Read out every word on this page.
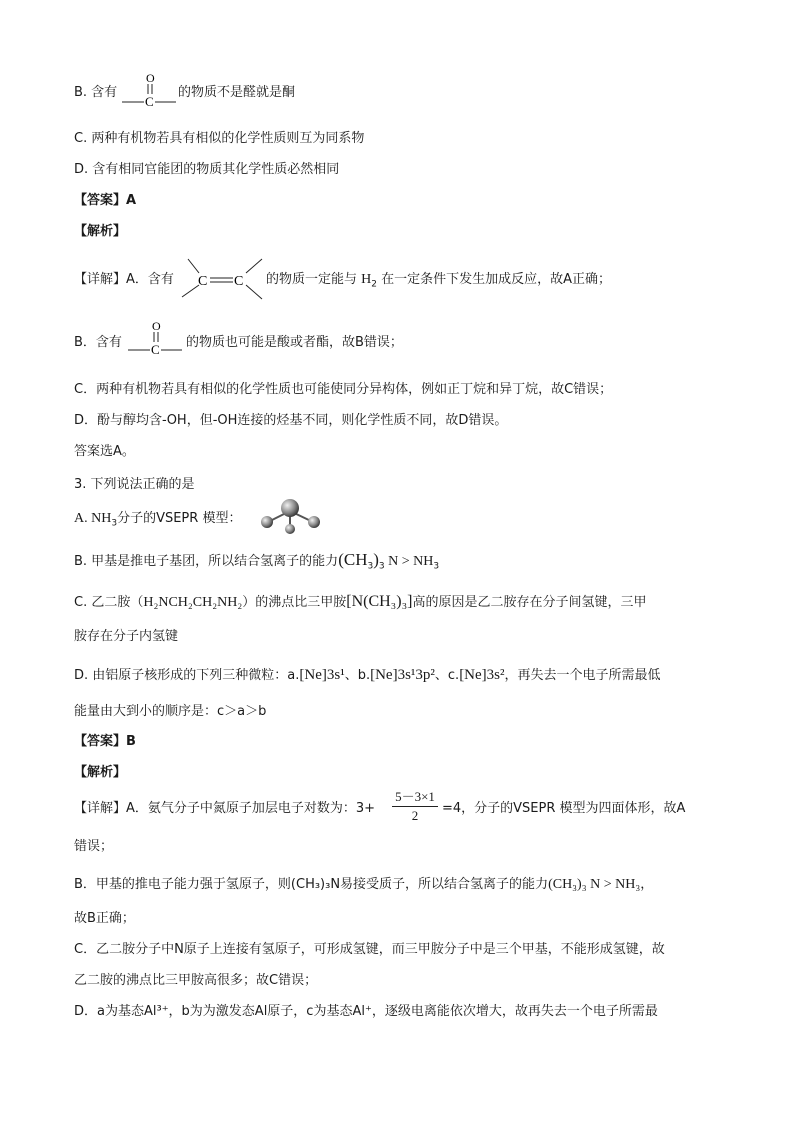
B. 含有
O
C
的物质不是醛就是酮
C. 两种有机物若具有相似的化学性质则互为同系物
D. 含有相同官能团的物质其化学性质必然相同
【答案】A
【解析】
【详解】A．含有 C C 的物质一定能与 $H_2$ 在一定条件下发生加成反应，故A正确；
B．含有
O
C 的物质也可能是酸或者酯，故B错误；
C．两种有机物若具有相似的化学性质也可能使同分异构体，例如正丁烷和异丁烷，故C错误；
D．酚与醇均含-OH，但-OH连接的烃基不同，则化学性质不同，故D错误。
答案选A。
3. 下列说法正确的是
A. $NH_3$分子的VSEPR 模型：
B. 甲基是推电子基团，所以结合氢离子的能力$(CH_3)_3$ $N > NH_3$
C. 乙二胺（H₂NCH₂CH₂NH₂）的沸点比三甲胺[N(CH₃)₃]高的原因是乙二胺存在分子间氢键，三甲
胺存在分子内氢键
D. 由铝原子核形成的下列三种微粒：a.[Ne]3s¹、b.[Ne]3s¹3p²、c.[Ne]3s²，再失去一个电子所需最低
能量由大到小的顺序是：c＞a＞b
【答案】B
【解析】
【详解】A．氨气分子中氮原子加层电子对数为：3+
5－3×1
2	=4，分子的VSEPR 模型为四面体形，故A
错误；
B．甲基的推电子能力强于氢原子，则(CH₃)₃N易接受质子，所以结合氢离子的能力(CH₃)₃ N > NH₃，
故B正确；
C．乙二胺分子中N原子上连接有氢原子，可形成氢键，而三甲胺分子中是三个甲基，不能形成氢键，故
乙二胺的沸点比三甲胺高很多；故C错误；
D．a为基态Al³⁺，b为为激发态Al原子，c为基态Al⁺，逐级电离能依次增大，故再失去一个电子所需最
